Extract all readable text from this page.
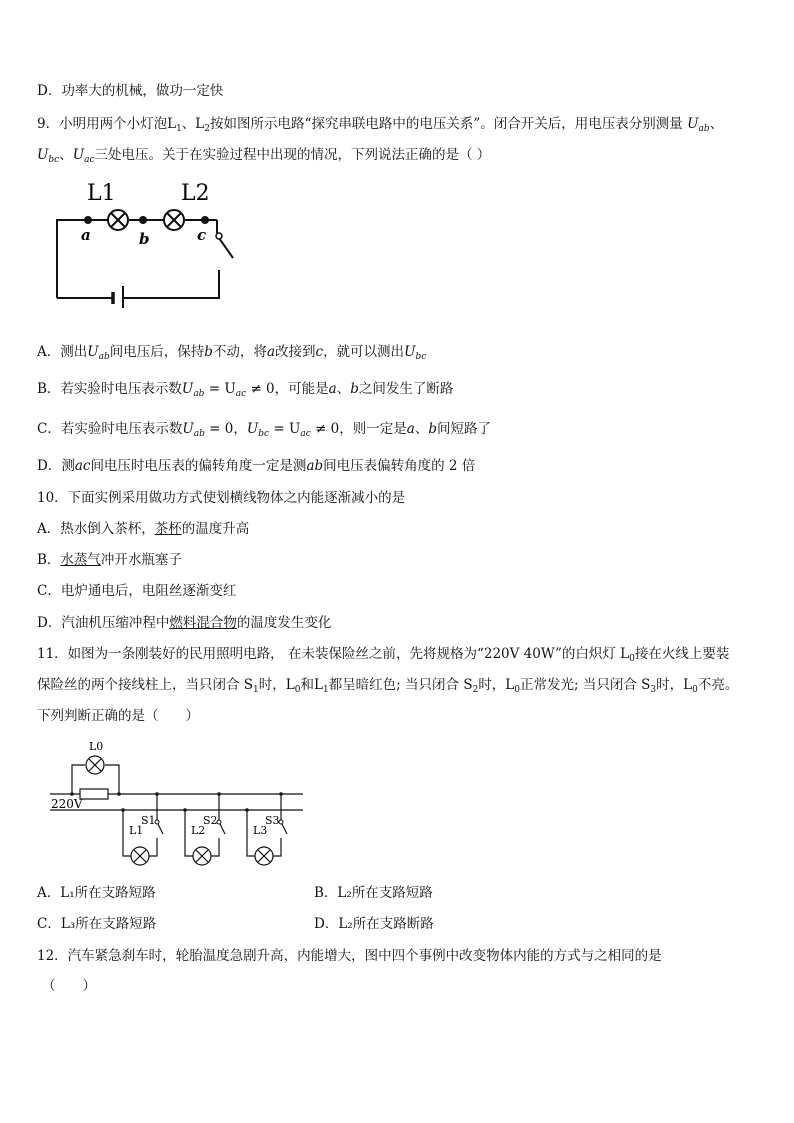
D．功率大的机械，做功一定快
9．小明用两个小灯泡$L_1$、$L_2$按如图所示电路“探究串联电路中的电压关系”。闭合开关后，用电压表分别测量 $U_{ab}$、
$U_{bc}$、$U_{ac}$三处电压。关于在实验过程中出现的情况，下列说法正确的是（ ）
L1	L2
a	b	c
A．测出$U_{ab}$间电压后，保持b不动，将a改接到c，就可以测出$U_{bc}$
B．若实验时电压表示数$U_{ab} = U_{ac} \ne 0$，可能是a、b之间发生了断路
C．若实验时电压表示数$U_{ab} = 0$，$U_{bc} = U_{ac} \ne 0$，则一定是a、b间短路了
D．测ac间电压时电压表的偏转角度一定是测ab间电压表偏转角度的 2 倍
10．下面实例采用做功方式使划横线物体之内能逐渐减小的是
A．热水倒入茶杯，茶杯的温度升高
B．水蒸气冲开水瓶塞子
C．电炉通电后，电阻丝逐渐变红
D．汽油机压缩冲程中燃料混合物的温度发生变化
11．如图为一条刚装好的民用照明电路， 在未装保险丝之前，先将规格为“220V 40W”的白炽灯 $L_0$接在火线上要装
保险丝的两个接线柱上，当只闭合 $S_1$时，$L_0$和$L_1$都呈暗红色; 当只闭合 $S_2$时，$L_0$正常发光; 当只闭合 $S_3$时，$L_0$不亮。
下列判断正确的是（　　）
L0
220V
L1	L2	L3
S1	S2	S3
A．L₁所在支路短路	B．L₂所在支路短路
C．L₃所在支路短路	D．L₂所在支路断路
12．汽车紧急刹车时，轮胎温度急剧升高，内能增大，图中四个事例中改变物体内能的方式与之相同的是
（　　）
